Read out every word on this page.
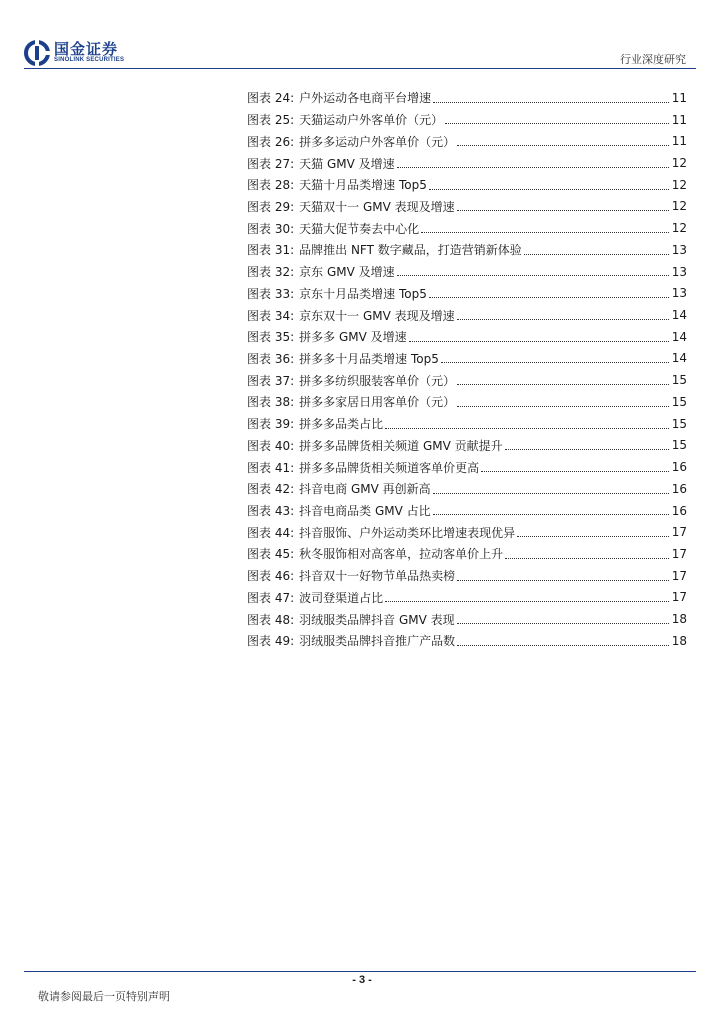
国金证券
SINOLINK SECURITIES	行业深度研究
图表 24: 户外运动各电商平台增速	11
图表 25: 天猫运动户外客单价（元）	11
图表 26: 拼多多运动户外客单价（元）	11
图表 27: 天猫 GMV 及增速	12
图表 28: 天猫十月品类增速 Top5	12
图表 29: 天猫双十一 GMV 表现及增速	12
图表 30: 天猫大促节奏去中心化	12
图表 31: 品牌推出 NFT 数字藏品，打造营销新体验	13
图表 32: 京东 GMV 及增速	13
图表 33: 京东十月品类增速 Top5	13
图表 34: 京东双十一 GMV 表现及增速	14
图表 35: 拼多多 GMV 及增速	14
图表 36: 拼多多十月品类增速 Top5	14
图表 37: 拼多多纺织服装客单价（元）	15
图表 38: 拼多多家居日用客单价（元）	15
图表 39: 拼多多品类占比	15
图表 40: 拼多多品牌货相关频道 GMV 贡献提升	15
图表 41: 拼多多品牌货相关频道客单价更高	16
图表 42: 抖音电商 GMV 再创新高	16
图表 43: 抖音电商品类 GMV 占比	16
图表 44: 抖音服饰、户外运动类环比增速表现优异	17
图表 45: 秋冬服饰相对高客单，拉动客单价上升	17
图表 46: 抖音双十一好物节单品热卖榜	17
图表 47: 波司登渠道占比	17
图表 48: 羽绒服类品牌抖音 GMV 表现	18
图表 49: 羽绒服类品牌抖音推广产品数	18
- 3 -
敬请参阅最后一页特别声明
